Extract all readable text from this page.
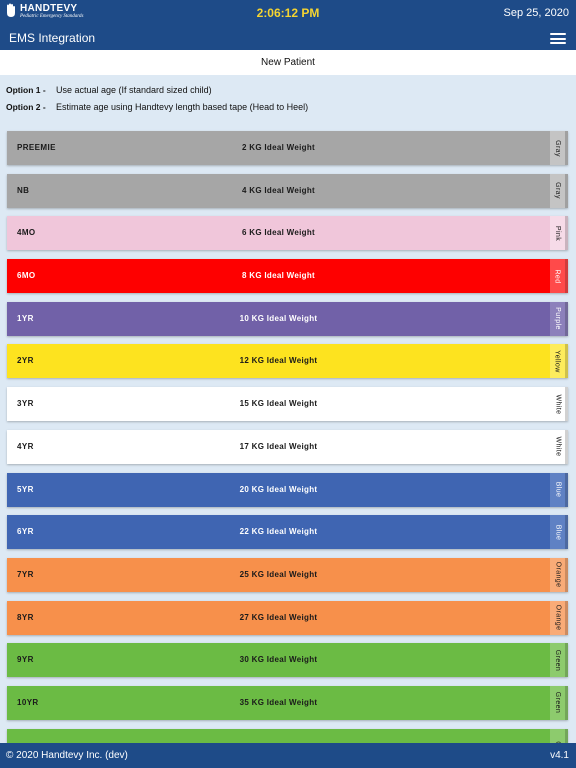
HANDTEVY
Pediatric Emergency Standards	2:06:12 PM	Sep 25, 2020
EMS Integration
New Patient
Option 1 -	Use actual age (If standard sized child)
Option 2 -	Estimate age using Handtevy length based tape (Head to Heel)
PREEMIE	2 KG Ideal Weight	Gray
NB	4 KG Ideal Weight	Gray
4MO	6 KG Ideal Weight	Pink
6MO	8 KG Ideal Weight	Red
1YR	10 KG Ideal Weight	Purple
2YR	12 KG Ideal Weight	Yellow
3YR	15 KG Ideal Weight	White
4YR	17 KG Ideal Weight	White
5YR	20 KG Ideal Weight	Blue
6YR	22 KG Ideal Weight	Blue
7YR	25 KG Ideal Weight	Orange
8YR	27 KG Ideal Weight	Orange
9YR	30 KG Ideal Weight	Green
10YR	35 KG Ideal Weight	Green
© 2020 Handtevy Inc. (dev)	v4.1
